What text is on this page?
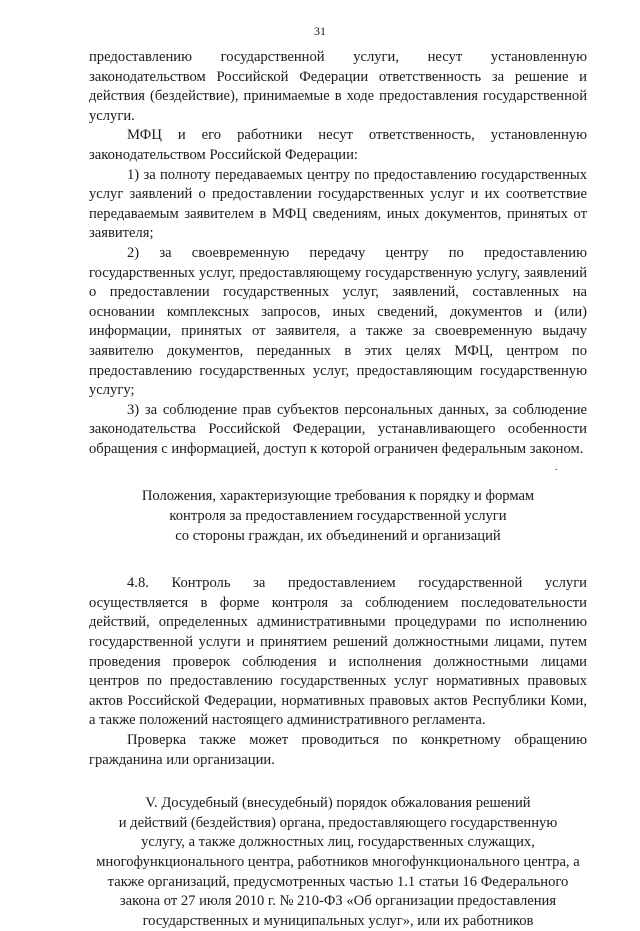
31

предоставлению государственной услуги, несут установленную законодательством Российской Федерации ответственность за решение и действия (бездействие), принимаемые в ходе предоставления государственной услуги.

МФЦ и его работники несут ответственность, установленную законодательством Российской Федерации:

1) за полноту передаваемых центру по предоставлению государственных услуг заявлений о предоставлении государственных услуг и их соответствие передаваемым заявителем в МФЦ сведениям, иных документов, принятых от заявителя;

2) за своевременную передачу центру по предоставлению государственных услуг, предоставляющему государственную услугу, заявлений о предоставлении государственных услуг, заявлений, составленных на основании комплексных запросов, иных сведений, документов и (или) информации, принятых от заявителя, а также за своевременную выдачу заявителю документов, переданных в этих целях МФЦ, центром по предоставлению государственных услуг, предоставляющим государственную услугу;

3) за соблюдение прав субъектов персональных данных, за соблюдение законодательства Российской Федерации, устанавливающего особенности обращения с информацией, доступ к которой ограничен федеральным законом.

Положения, характеризующие требования к порядку и формам
контроля за предоставлением государственной услуги
со стороны граждан, их объединений и организаций

4.8. Контроль за предоставлением государственной услуги осуществляется в форме контроля за соблюдением последовательности действий, определенных административными процедурами по исполнению государственной услуги и принятием решений должностными лицами, путем проведения проверок соблюдения и исполнения должностными лицами центров по предоставлению государственных услуг нормативных правовых актов Российской Федерации, нормативных правовых актов Республики Коми, а также положений настоящего административного регламента.

Проверка также может проводиться по конкретному обращению гражданина или организации.

V. Досудебный (внесудебный) порядок обжалования решений
и действий (бездействия) органа, предоставляющего государственную
услугу, а также должностных лиц, государственных служащих,
многофункционального центра, работников многофункционального центра, а
также организаций, предусмотренных частью 1.1 статьи 16 Федерального
закона от 27 июля 2010 г. № 210-ФЗ «Об организации предоставления
государственных и муниципальных услуг», или их работников
.
